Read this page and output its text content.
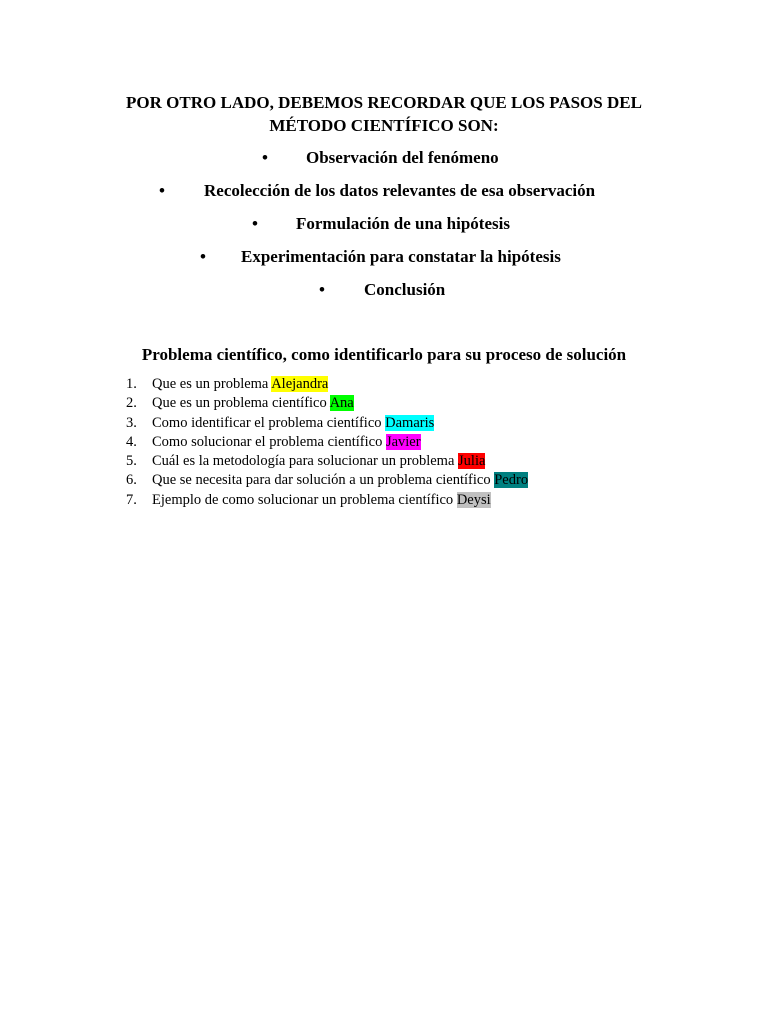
POR OTRO LADO, DEBEMOS RECORDAR QUE LOS PASOS DEL
MÉTODO CIENTÍFICO SON:
• Observación del fenómeno
• Recolección de los datos relevantes de esa observación
• Formulación de una hipótesis
• Experimentación para constatar la hipótesis
• Conclusión
Problema científico, como identificarlo para su proceso de solución
1.	Que es un problema Alejandra
2.	Que es un problema científico Ana
3.	Como identificar el problema científico Damaris
4.	Como solucionar el problema científico Javier
5.	Cuál es la metodología para solucionar un problema Julia
6.	Que se necesita para dar solución a un problema científico Pedro
7.	Ejemplo de como solucionar un problema científico Deysi
